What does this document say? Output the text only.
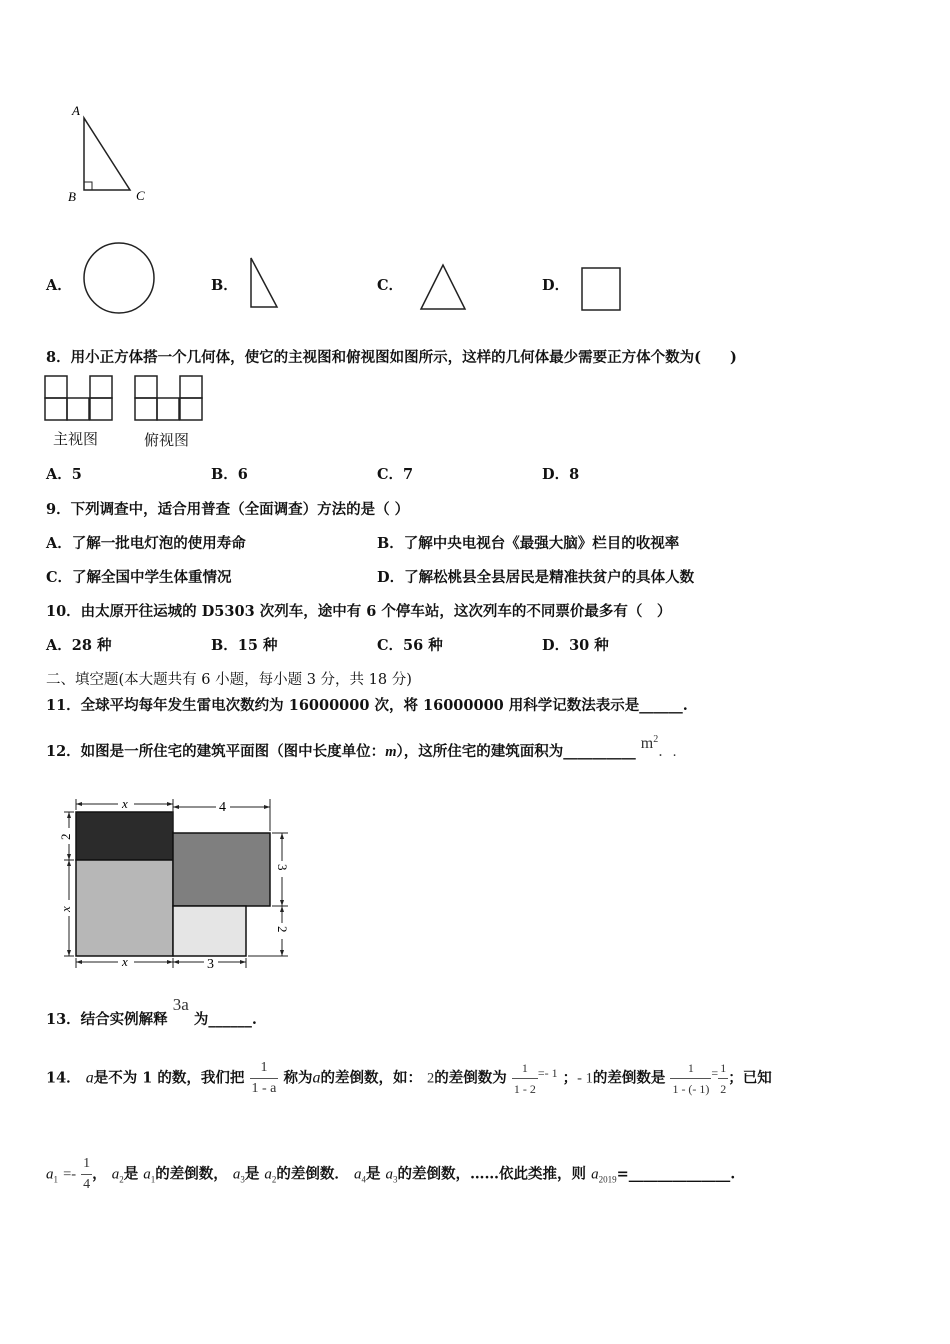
A
B	C
A．	B．	C．	D．
8．用小正方体搭一个几何体，使它的主视图和俯视图如图所示，这样的几何体最少需要正方体个数为(　　)
主视图	俯视图
A．5	B．6	C．7	D．8
9．下列调查中，适合用普查（全面调查）方法的是（ ）
A．了解一批电灯泡的使用寿命	B．了解中央电视台《最强大脑》栏目的收视率
C．了解全国中学生体重情况	D．了解松桃县全县居民是精准扶贫户的具体人数
10．由太原开往运城的 D5303 次列车，途中有 6 个停车站，这次列车的不同票价最多有（　）
A．28 种	B．15 种	C．56 种	D．30 种
二、填空题(本大题共有 6 小题，每小题 3 分，共 18 分)
11．全球平均每年发生雷电次数约为 16000000 次，将 16000000 用科学记数法表示是______.
12．如图是一所住宅的建筑平面图（图中长度单位：m），这所住宅的建筑面积为__________ $m^2$．.
x	4
2
x
3
2
x	3
13．结合实例解释 3a 为______.
14． a是不为 1 的数，我们把 $\frac{1}{1 - a}$ 称为a的差倒数，如： 2的差倒数为 $\frac{1}{1 - 2} ^{=- 1}$ ；- 1的差倒数是 $\frac{1}{1 - (- 1)} ^= \frac{1}{2}$ ；已知
$a_1 =- \frac{1}{4}$ ， $a_2$是 $a_1$的差倒数， $a_3$是 $a_2$的差倒数． $a_4$是 $a_3$的差倒数，……依此类推，则 $a_{2019}=\_\_\_\_\_\_\_\_\_\_\_\_\_\_$.
